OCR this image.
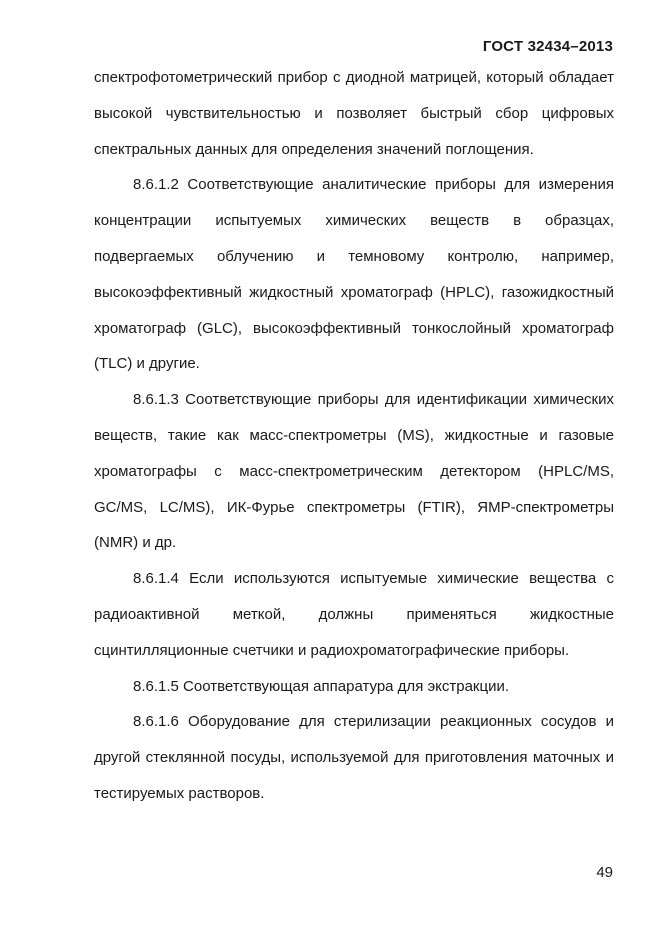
ГОСТ 32434–2013

спектрофотометрический прибор с диодной матрицей, который обладает высокой чувствительностью и позволяет быстрый сбор цифровых спектральных данных для определения значений поглощения.

8.6.1.2 Соответствующие аналитические приборы для измерения концентрации испытуемых химических веществ в образцах, подвергаемых облучению и темновому контролю, например, высокоэффективный жидкостный хроматограф (HPLC), газожидкостный хроматограф (GLC), высокоэффективный тонкослойный хроматограф (TLC) и другие.

8.6.1.3 Соответствующие приборы для идентификации химических веществ, такие как масс-спектрометры (MS), жидкостные и газовые хроматографы с масс-спектрометрическим детектором (HPLC/MS, GC/MS, LC/MS), ИК-Фурье спектрометры (FTIR), ЯМР-спектрометры (NMR) и др.

8.6.1.4 Если используются испытуемые химические вещества с радиоактивной меткой, должны применяться жидкостные сцинтилляционные счетчики и радиохроматографические приборы.

8.6.1.5 Соответствующая аппаратура для экстракции.

8.6.1.6 Оборудование для стерилизации реакционных сосудов и другой стеклянной посуды, используемой для приготовления маточных и тестируемых растворов.

49
